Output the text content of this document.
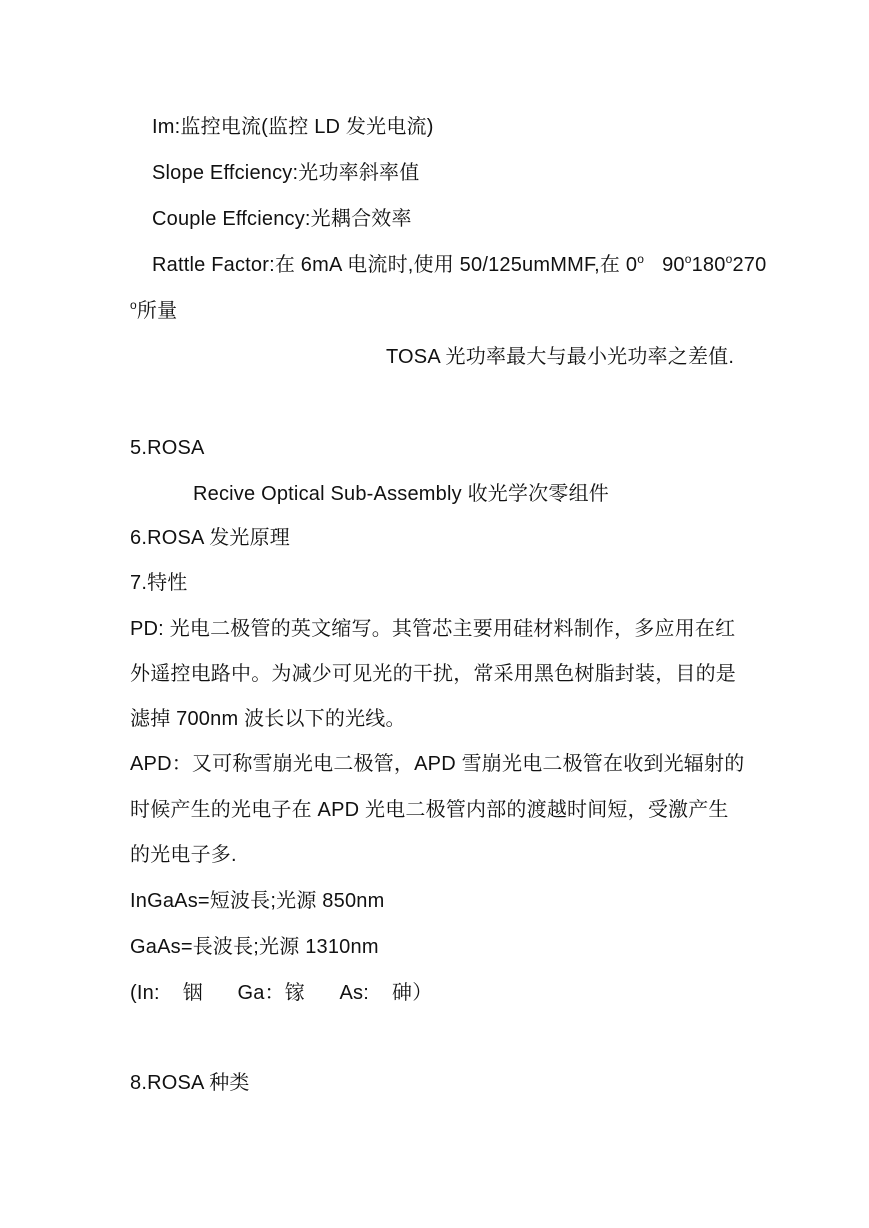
Im:监控电流(监控 LD 发光电流)
Slope Effciency:光功率斜率值
Couple Effciency:光耦合效率
Rattle Factor:在 6mA 电流时,使用 50/125umMMF,在 0$^o$ 90$^o$180$^o$270
$^o$所量
TOSA 光功率最大与最小光功率之差值.
5.ROSA
Recive Optical Sub-Assembly 收光学次零组件
6.ROSA 发光原理
7.特性
PD: 光电二极管的英文缩写。其管芯主要用硅材料制作，多应用在红
外遥控电路中。为减少可见光的干扰，常采用黑色树脂封装，目的是
滤掉 700nm 波长以下的光线。
APD：又可称雪崩光电二极管，APD 雪崩光电二极管在收到光辐射的
时候产生的光电子在 APD 光电二极管内部的渡越时间短，受激产生
的光电子多.
InGaAs=短波長;光源 850nm
GaAs=長波長;光源 1310nm
(In:    铟      Ga：镓      As:    砷）
8.ROSA 种类
